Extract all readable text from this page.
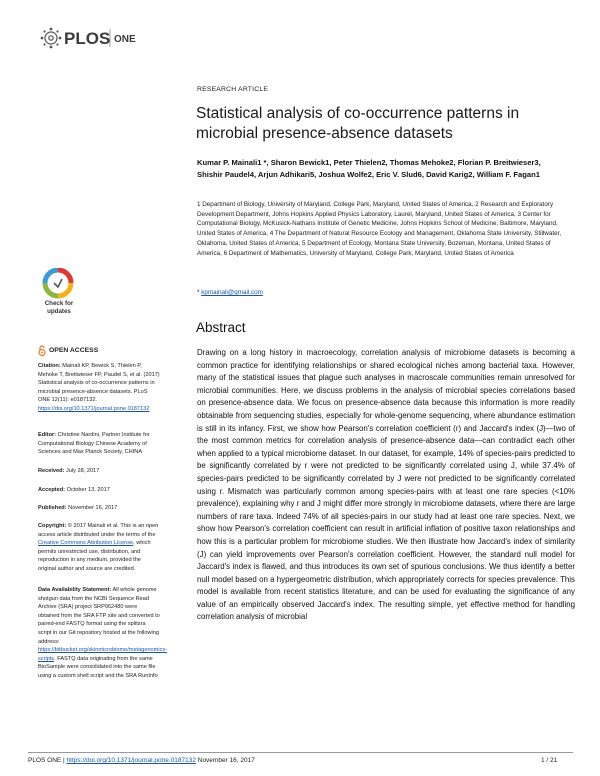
PLOS ONE
RESEARCH ARTICLE
Statistical analysis of co-occurrence patterns in microbial presence-absence datasets
Kumar P. Mainali1 *, Sharon Bewick1, Peter Thielen2, Thomas Mehoke2, Florian P. Breitwieser3, Shishir Paudel4, Arjun Adhikari5, Joshua Wolfe2, Eric V. Slud6, David Karig2, William F. Fagan1
1 Department of Biology, University of Maryland, College Park, Maryland, United States of America, 2 Research and Exploratory Development Department, Johns Hopkins Applied Physics Laboratory, Laurel, Maryland, United States of America, 3 Center for Computational Biology, McKusick-Nathans Institute of Genetic Medicine, Johns Hopkins School of Medicine, Baltimore, Maryland, United States of America, 4 The Department of Natural Resource Ecology and Management, Oklahoma State University, Stillwater, Oklahoma, United States of America, 5 Department of Ecology, Montana State University, Bozeman, Montana, United States of America, 6 Department of Mathematics, University of Maryland, College Park, Maryland, United States of America
* kpmainali@gmail.com
Abstract
Drawing on a long history in macroecology, correlation analysis of microbiome datasets is becoming a common practice for identifying relationships or shared ecological niches among bacterial taxa. However, many of the statistical issues that plague such analyses in macroscale communities remain unresolved for microbial communities. Here, we discuss problems in the analysis of microbial species correlations based on presence-absence data. We focus on presence-absence data because this information is more readily obtainable from sequencing studies, especially for whole-genome sequencing, where abundance estimation is still in its infancy. First, we show how Pearson's correlation coefficient (r) and Jaccard's index (J)—two of the most common metrics for correlation analysis of presence-absence data—can contradict each other when applied to a typical microbiome dataset. In our dataset, for example, 14% of species-pairs predicted to be significantly correlated by r were not predicted to be significantly correlated using J, while 37.4% of species-pairs predicted to be significantly correlated by J were not predicted to be significantly correlated using r. Mismatch was particularly common among species-pairs with at least one rare species (<10% prevalence), explaining why r and J might differ more strongly in microbiome datasets, where there are large numbers of rare taxa. Indeed 74% of all species-pairs in our study had at least one rare species. Next, we show how Pearson's correlation coefficient can result in artificial inflation of positive taxon relationships and how this is a particular problem for microbiome studies. We then illustrate how Jaccard's index of similarity (J) can yield improvements over Pearson's correlation coefficient. However, the standard null model for Jaccard's index is flawed, and thus introduces its own set of spurious conclusions. We thus identify a better null model based on a hypergeometric distribution, which appropriately corrects for species prevalence. This model is available from recent statistics literature, and can be used for evaluating the significance of any value of an empirically observed Jaccard's index. The resulting simple, yet effective method for handling correlation analysis of microbial
Check for updates
OPEN ACCESS
Citation: Mainali KP, Bewick S, Thielen P, Mehoke T, Breitwieser FP, Paudel S, et al. (2017) Statistical analysis of co-occurrence patterns in microbial presence-absence datasets. PLoS ONE 12(11): e0187132. https://doi.org/10.1371/journal.pone.0187132
Editor: Christine Nardini, Partner Institute for Computational Biology Chinese Academy of Sciences and Max Planck Society, CHINA
Received: July 28, 2017
Accepted: October 13, 2017
Published: November 16, 2017
Copyright: © 2017 Mainali et al. This is an open access article distributed under the terms of the Creative Commons Attribution License, which permits unrestricted use, distribution, and reproduction in any medium, provided the original author and source are credited.
Data Availability Statement: All whole genome shotgun data from the NCBI Sequence Read Archive (SRA) project SRP062480 were obtained from the SRA FTP site and converted to paired-end FASTQ format using the splitsra script in our Git repository hosted at the following address: https://bitbucket.org/skinmicrobiome/metagenomics-scripts. FASTQ data originating from the same BioSample were consolidated into the same file using a custom shell script and the SRA RunInfo
PLOS ONE | https://doi.org/10.1371/journal.pone.0187132 November 16, 2017	1 / 21
